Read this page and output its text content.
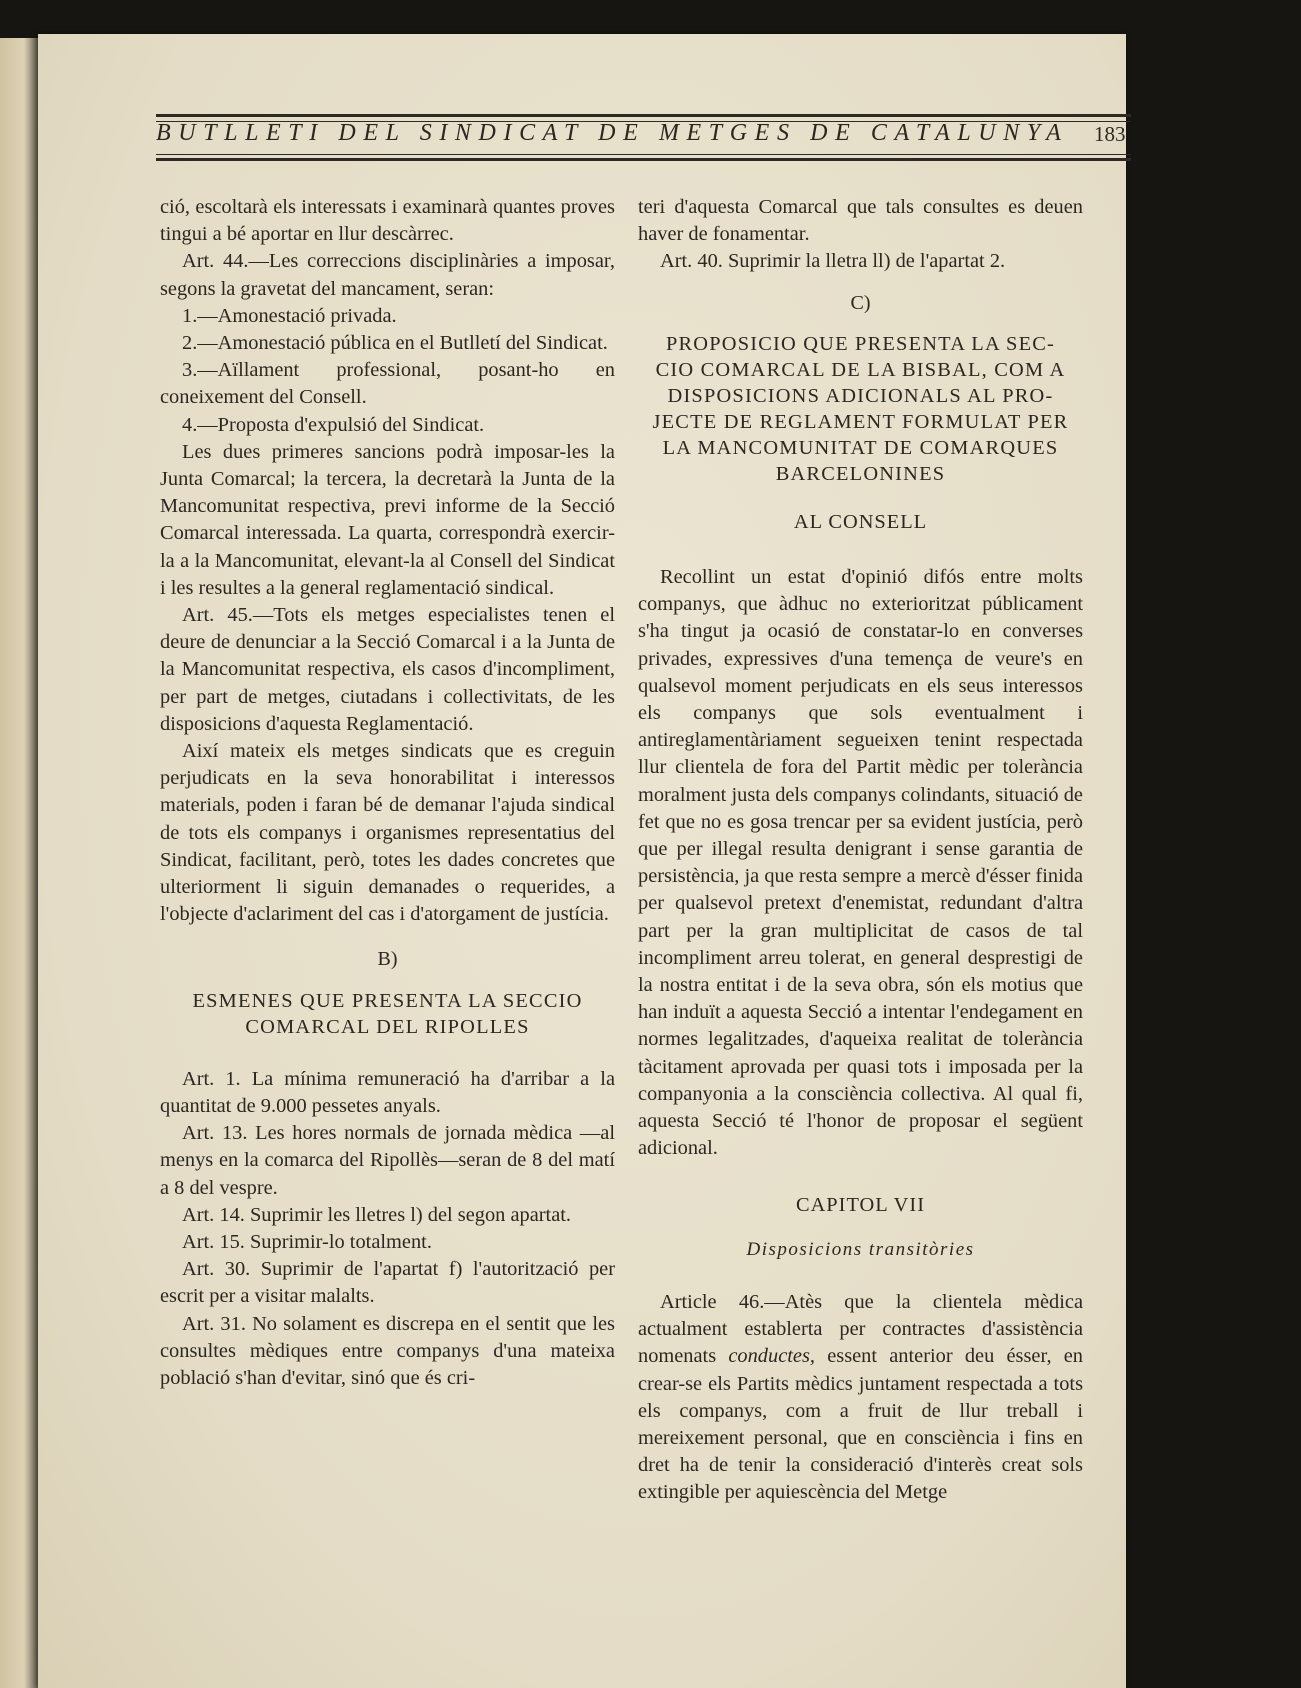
BUTLLETI DEL SINDICAT DE METGES DE CATALUNYA	183

ció, escoltarà els interessats i examinarà quantes proves tingui a bé aportar en llur descàrrec.

Art. 44.—Les correccions disciplinàries a imposar, segons la gravetat del mancament, seran:

1.—Amonestació privada.

2.—Amonestació pública en el Butlletí del Sindicat.

3.—Aïllament professional, posant-ho en coneixement del Consell.

4.—Proposta d'expulsió del Sindicat.

Les dues primeres sancions podrà imposar-les la Junta Comarcal; la tercera, la decretarà la Junta de la Mancomunitat respectiva, previ informe de la Secció Comarcal interessada. La quarta, correspondrà exercir-la a la Mancomunitat, elevant-la al Consell del Sindicat i les resultes a la general reglamentació sindical.

Art. 45.—Tots els metges especialistes tenen el deure de denunciar a la Secció Comarcal i a la Junta de la Mancomunitat respectiva, els casos d'incompliment, per part de metges, ciutadans i collectivitats, de les disposicions d'aquesta Reglamentació.

Així mateix els metges sindicats que es creguin perjudicats en la seva honorabilitat i interessos materials, poden i faran bé de demanar l'ajuda sindical de tots els companys i organismes representatius del Sindicat, facilitant, però, totes les dades concretes que ulteriorment li siguin demanades o requerides, a l'objecte d'aclariment del cas i d'atorgament de justícia.

B)
ESMENES QUE PRESENTA LA SECCIO
COMARCAL DEL RIPOLLES

Art. 1. La mínima remuneració ha d'arribar a la quantitat de 9.000 pessetes anyals.

Art. 13. Les hores normals de jornada mèdica —al menys en la comarca del Ripollès—seran de 8 del matí a 8 del vespre.

Art. 14. Suprimir les lletres l) del segon apartat.

Art. 15. Suprimir-lo totalment.

Art. 30. Suprimir de l'apartat f) l'autorització per escrit per a visitar malalts.

Art. 31. No solament es discrepa en el sentit que les consultes mèdiques entre companys d'una mateixa població s'han d'evitar, sinó que és cri-

teri d'aquesta Comarcal que tals consultes es deuen haver de fonamentar.

Art. 40. Suprimir la lletra ll) de l'apartat 2.

C)
PROPOSICIO QUE PRESENTA LA SEC-
CIO COMARCAL DE LA BISBAL, COM A
DISPOSICIONS ADICIONALS AL PRO-
JECTE DE REGLAMENT FORMULAT PER
LA MANCOMUNITAT DE COMARQUES
BARCELONINES
AL CONSELL

Recollint un estat d'opinió difós entre molts companys, que àdhuc no exterioritzat públicament s'ha tingut ja ocasió de constatar-lo en converses privades, expressives d'una temença de veure's en qualsevol moment perjudicats en els seus interessos els companys que sols eventualment i antireglamentàriament segueixen tenint respectada llur clientela de fora del Partit mèdic per tolerància moralment justa dels companys colindants, situació de fet que no es gosa trencar per sa evident justícia, però que per illegal resulta denigrant i sense garantia de persistència, ja que resta sempre a mercè d'ésser finida per qualsevol pretext d'enemistat, redundant d'altra part per la gran multiplicitat de casos de tal incompliment arreu tolerat, en general desprestigi de la nostra entitat i de la seva obra, són els motius que han induït a aquesta Secció a intentar l'endegament en normes legalitzades, d'aqueixa realitat de tolerància tàcitament aprovada per quasi tots i imposada per la companyonia a la consciència collectiva. Al qual fi, aquesta Secció té l'honor de proposar el següent adicional.

CAPITOL VII
Disposicions transitòries

Article 46.—Atès que la clientela mèdica actualment establerta per contractes d'assistència nomenats conductes, essent anterior deu ésser, en crear-se els Partits mèdics juntament respectada a tots els companys, com a fruit de llur treball i mereixement personal, que en consciència i fins en dret ha de tenir la consideració d'interès creat sols extingible per aquiescència del Metge
